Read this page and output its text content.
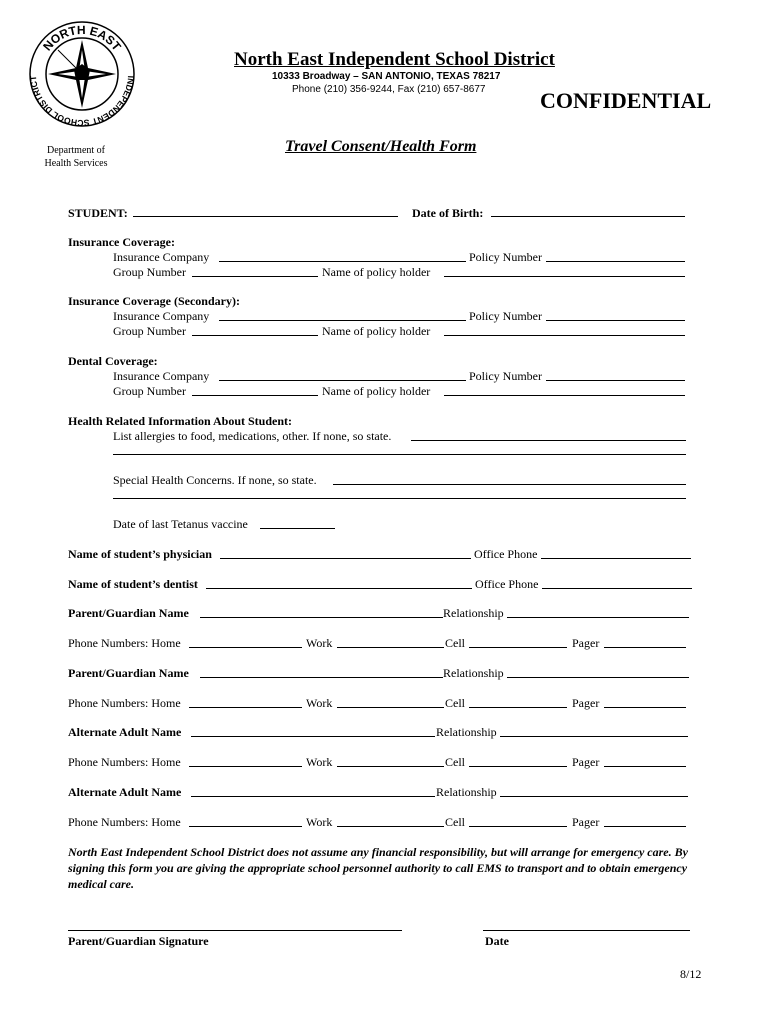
NORTH EAST
INDEPENDENT SCHOOL DISTRICT
North East Independent School District
10333 Broadway – SAN ANTONIO, TEXAS 78217
Phone (210) 356-9244, Fax (210) 657-8677 CONFIDENTIAL
Department of
Health Services
Travel Consent/Health Form
STUDENT:	Date of Birth:
Insurance Coverage:
Insurance Company	Policy Number
Group Number	Name of policy holder
Insurance Coverage (Secondary):
Insurance Company	Policy Number
Group Number	Name of policy holder
Dental Coverage:
Insurance Company	Policy Number
Group Number	Name of policy holder
Health Related Information About Student:
List allergies to food, medications, other. If none, so state.
Special Health Concerns. If none, so state.
Date of last Tetanus vaccine
Name of student’s physician	Office Phone
Name of student’s dentist	Office Phone
Parent/Guardian Name	Relationship
Phone Numbers: Home	Work	Cell	Pager
Parent/Guardian Name	Relationship
Phone Numbers: Home	Work	Cell	Pager
Alternate Adult Name	Relationship
Phone Numbers: Home	Work	Cell	Pager
Alternate Adult Name	Relationship
Phone Numbers: Home	Work	Cell	Pager
North East Independent School District does not assume any financial responsibility, but will arrange for emergency care. By signing this form you are giving the appropriate school personnel authority to call EMS to transport and to obtain emergency medical care.
Parent/Guardian Signature	Date
8/12
